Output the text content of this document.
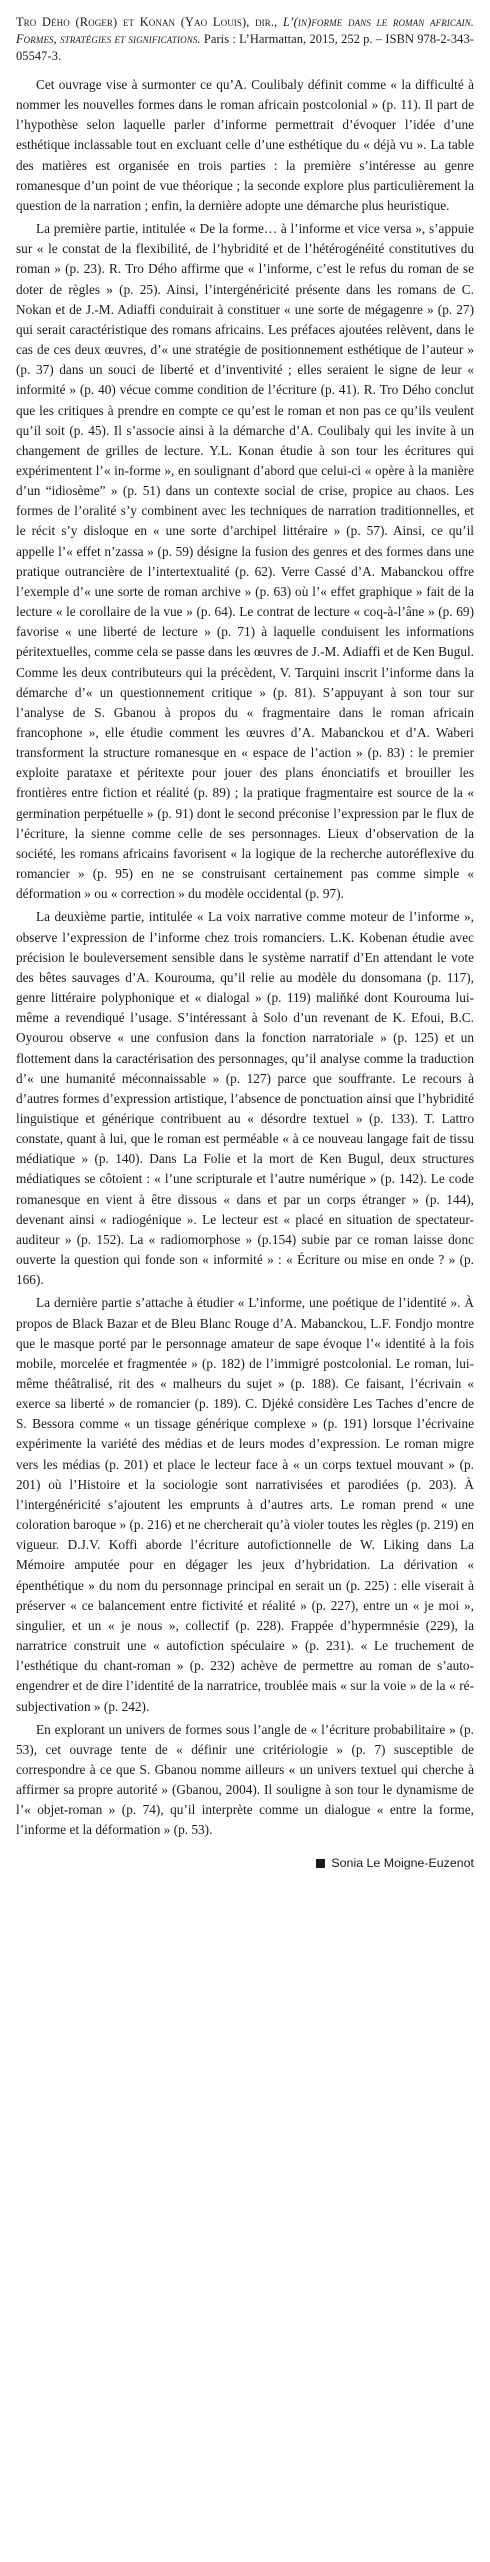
Tro Dého (Roger) et Konan (Yao Louis), dir., L’(in)forme dans le roman africain. Formes, stratégies et significations. Paris : L’Harmattan, 2015, 252 p. – ISBN 978-2-343-05547-3.

Cet ouvrage vise à surmonter ce qu’A. Coulibaly définit comme « la difficulté à nommer les nouvelles formes dans le roman africain postcolonial » (p. 11). Il part de l’hypothèse selon laquelle parler d’informe permettrait d’évoquer l’idée d’une esthétique inclassable tout en excluant celle d’une esthétique du « déjà vu ». La table des matières est organisée en trois parties : la première s’intéresse au genre romanesque d’un point de vue théorique ; la seconde explore plus particulièrement la question de la narration ; enfin, la dernière adopte une démarche plus heuristique.

La première partie, intitulée « De la forme… à l’informe et vice versa », s’appuie sur « le constat de la flexibilité, de l’hybridité et de l’hétérogénéité constitutives du roman » (p. 23). R. Tro Dého affirme que « l’informe, c’est le refus du roman de se doter de règles » (p. 25). Ainsi, l’intergénéricité présente dans les romans de C. Nokan et de J.-M. Adiaffi conduirait à constituer « une sorte de mégagenre » (p. 27) qui serait caractéristique des romans africains. Les préfaces ajoutées relèvent, dans le cas de ces deux œuvres, d’« une stratégie de positionnement esthétique de l’auteur » (p. 37) dans un souci de liberté et d’inventivité ; elles seraient le signe de leur « informité » (p. 40) vécue comme condition de l’écriture (p. 41). R. Tro Dého conclut que les critiques à prendre en compte ce qu’est le roman et non pas ce qu’ils veulent qu’il soit (p. 45). Il s’associe ainsi à la démarche d’A. Coulibaly qui les invite à un changement de grilles de lecture. Y.L. Konan étudie à son tour les écritures qui expérimentent l’« in-forme », en soulignant d’abord que celui-ci « opère à la manière d’un “idiosème” » (p. 51) dans un contexte social de crise, propice au chaos. Les formes de l’oralité s’y combinent avec les techniques de narration traditionnelles, et le récit s’y disloque en « une sorte d’archipel littéraire » (p. 57). Ainsi, ce qu’il appelle l’« effet n’zassa » (p. 59) désigne la fusion des genres et des formes dans une pratique outrancière de l’intertextualité (p. 62). Verre Cassé d’A. Mabanckou offre l’exemple d’« une sorte de roman archive » (p. 63) où l’« effet graphique » fait de la lecture « le corollaire de la vue » (p. 64). Le contrat de lecture « coq-à-l’âne » (p. 69) favorise « une liberté de lecture » (p. 71) à laquelle conduisent les informations péritextuelles, comme cela se passe dans les œuvres de J.-M. Adiaffi et de Ken Bugul. Comme les deux contributeurs qui la précèdent, V. Tarquini inscrit l’informe dans la démarche d’« un questionnement critique » (p. 81). S’appuyant à son tour sur l’analyse de S. Gbanou à propos du « fragmentaire dans le roman africain francophone », elle étudie comment les œuvres d’A. Mabanckou et d’A. Waberi transforment la structure romanesque en « espace de l’action » (p. 83) : le premier exploite parataxe et péritexte pour jouer des plans énonciatifs et brouiller les frontières entre fiction et réalité (p. 89) ; la pratique fragmentaire est source de la « germination perpétuelle » (p. 91) dont le second préconise l’expression par le flux de l’écriture, la sienne comme celle de ses personnages. Lieux d’observation de la société, les romans africains favorisent « la logique de la recherche autoréflexive du romancier » (p. 95) en ne se construisant certainement pas comme simple « déformation » ou « correction » du modèle occidental (p. 97).

La deuxième partie, intitulée « La voix narrative comme moteur de l’informe », observe l’expression de l’informe chez trois romanciers. L.K. Kobenan étudie avec précision le bouleversement sensible dans le système narratif d’En attendant le vote des bêtes sauvages d’A. Kourouma, qu’il relie au modèle du donsomana (p. 117), genre littéraire polyphonique et « dialogal » (p. 119) maliňké dont Kourouma lui-même a revendiqué l’usage. S’intéressant à Solo d’un revenant de K. Efoui, B.C. Oyourou observe « une confusion dans la fonction narratoriale » (p. 125) et un flottement dans la caractérisation des personnages, qu’il analyse comme la traduction d’« une humanité méconnaissable » (p. 127) parce que souffrante. Le recours à d’autres formes d’expression artistique, l’absence de ponctuation ainsi que l’hybridité linguistique et générique contribuent au « désordre textuel » (p. 133). T. Lattro constate, quant à lui, que le roman est perméable « à ce nouveau langage fait de tissu médiatique » (p. 140). Dans La Folie et la mort de Ken Bugul, deux structures médiatiques se côtoient : « l’une scripturale et l’autre numérique » (p. 142). Le code romanesque en vient à être dissous « dans et par un corps étranger » (p. 144), devenant ainsi « radiogénique ». Le lecteur est « placé en situation de spectateur-auditeur » (p. 152). La « radiomorphose » (p.154) subie par ce roman laisse donc ouverte la question qui fonde son « informité » : « Écriture ou mise en onde ? » (p. 166).

La dernière partie s’attache à étudier « L’informe, une poétique de l’identité ». À propos de Black Bazar et de Bleu Blanc Rouge d’A. Mabanckou, L.F. Fondjo montre que le masque porté par le personnage amateur de sape évoque l’« identité à la fois mobile, morcelée et fragmentée » (p. 182) de l’immigré postcolonial. Le roman, lui-même théâtralisé, rit des « malheurs du sujet » (p. 188). Ce faisant, l’écrivain « exerce sa liberté » de romancier (p. 189). C. Djéké considère Les Taches d’encre de S. Bessora comme « un tissage générique complexe » (p. 191) lorsque l’écrivaine expérimente la variété des médias et de leurs modes d’expression. Le roman migre vers les médias (p. 201) et place le lecteur face à « un corps textuel mouvant » (p. 201) où l’Histoire et la sociologie sont narrativisées et parodiées (p. 203). À l’intergénéricité s’ajoutent les emprunts à d’autres arts. Le roman prend « une coloration baroque » (p. 216) et ne chercherait qu’à violer toutes les règles (p. 219) en vigueur. D.J.V. Koffi aborde l’écriture autofictionnelle de W. Liking dans La Mémoire amputée pour en dégager les jeux d’hybridation. La dérivation « épenthétique » du nom du personnage principal en serait un (p. 225) : elle viserait à préserver « ce balancement entre fictivité et réalité » (p. 227), entre un « je moi », singulier, et un « je nous », collectif (p. 228). Frappée d’hypermnésie (229), la narratrice construit une « autofiction spéculaire » (p. 231). « Le truchement de l’esthétique du chant-roman » (p. 232) achève de permettre au roman de s’auto-engendrer et de dire l’identité de la narratrice, troublée mais « sur la voie » de la « ré-subjectivation » (p. 242).

En explorant un univers de formes sous l’angle de « l’écriture probabilitaire » (p. 53), cet ouvrage tente de « définir une critériologie » (p. 7) susceptible de correspondre à ce que S. Gbanou nomme ailleurs « un univers textuel qui cherche à affirmer sa propre autorité » (Gbanou, 2004). Il souligne à son tour le dynamisme de l’« objet-roman » (p. 74), qu’il interprète comme un dialogue « entre la forme, l’informe et la déformation » (p. 53).

Sonia Le Moigne-Euzenot
